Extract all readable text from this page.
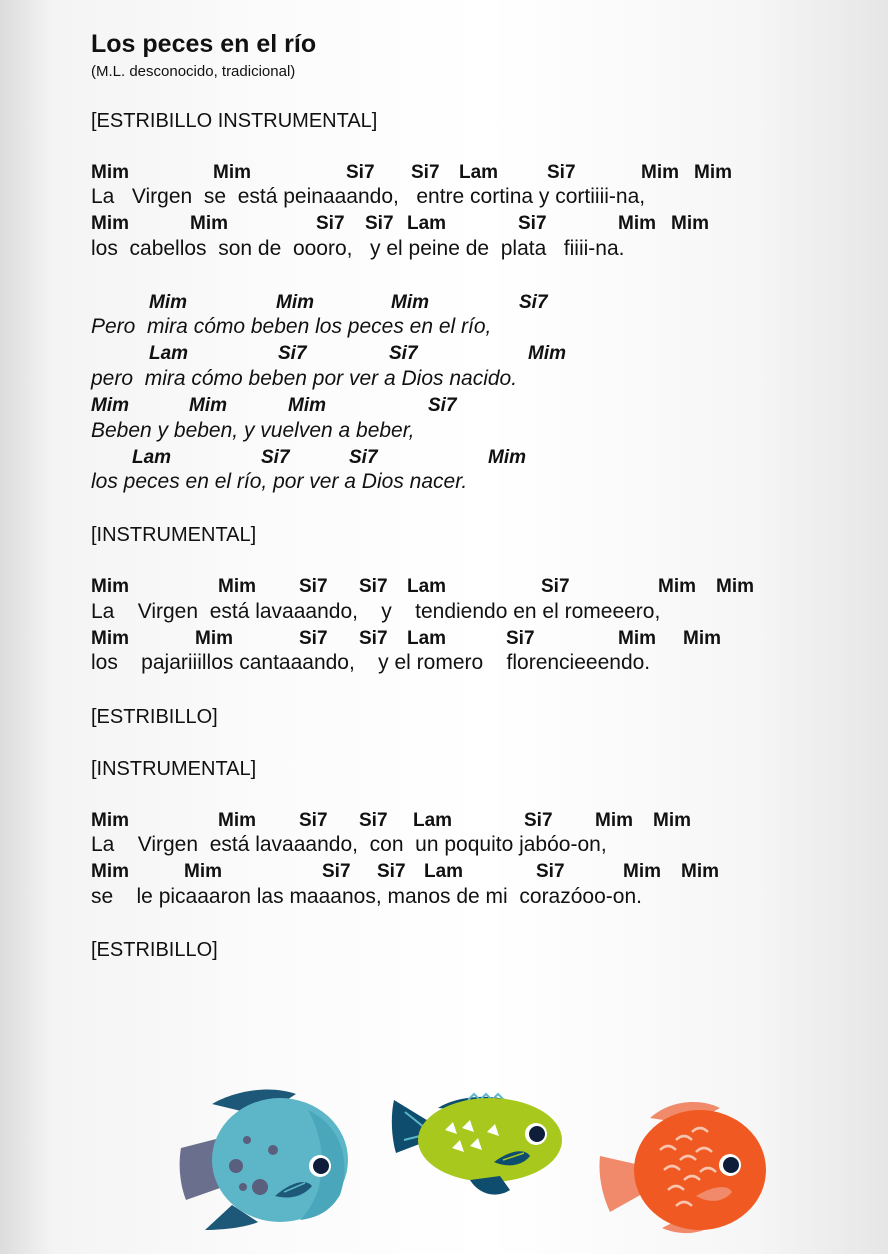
Los peces en el río
(M.L. desconocido, tradicional)
[ESTRIBILLO INSTRUMENTAL]
Mim	Mim	Si7 Si7 Lam	Si7	Mim Mim
La   Virgen  se  está peinaaando,   entre cortina y cortiiii-na,
Mim	Mim	Si7 Si7 Lam	Si7	Mim Mim
los  cabellos  son de  oooro,   y el peine de  plata   fiiii-na.
Mim	Mim	Mim	Si7
Pero  mira cómo beben los peces en el río,
Lam	Si7	Si7	Mim
pero  mira cómo beben por ver a Dios nacido.
Mim	Mim	Mim	Si7
Beben y beben, y vuelven a beber,
Lam	Si7	Si7	Mim
los peces en el río, por ver a Dios nacer.
[INSTRUMENTAL]
Mim	Mim Si7 Si7 Lam	Si7	Mim Mim
La    Virgen  está lavaaando,    y    tendiendo en el romeeero,
Mim	Mim	Si7 Si7 Lam	Si7	Mim Mim
los    pajariiillos cantaaando,    y el romero    florencieeendo.
[ESTRIBILLO]
[INSTRUMENTAL]
Mim	Mim Si7 Si7 Lam	Si7 Mim Mim
La    Virgen  está lavaaando,  con  un poquito jabóo-on,
Mim	Mim	Si7 Si7 Lam	Si7	Mim Mim
se    le picaaaron las maaanos, manos de mi  corazóoo-on.
[ESTRIBILLO]
